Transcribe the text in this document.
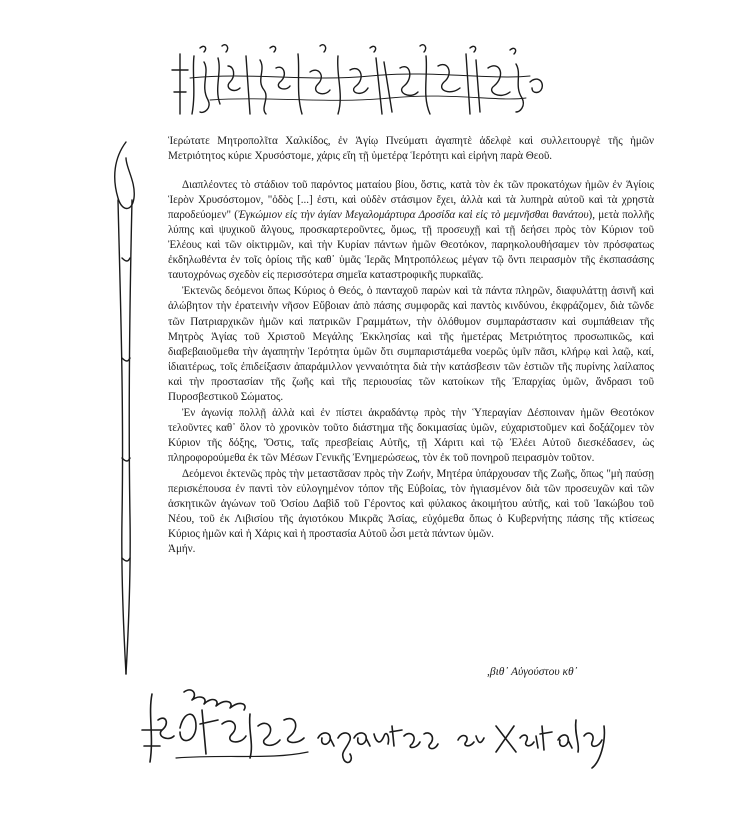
Ἱερώτατε Μητροπολῖτα Χαλκίδος, ἐν Ἁγίῳ Πνεύματι ἀγαπητὲ ἀδελφὲ καὶ συλλειτουργὲ τῆς ἡμῶν Μετριότητος κύριε Χρυσόστομε, χάρις εἴη τῇ ὑμετέρᾳ Ἱερότητι καὶ εἰρήνη παρὰ Θεοῦ.

Διαπλέοντες τὸ στάδιον τοῦ παρόντος ματαίου βίου, ὅστις, κατὰ τὸν ἐκ τῶν προκατόχων ἡμῶν ἐν Ἁγίοις Ἱερὸν Χρυσόστομον, "ὁδὸς [...] ἐστι, καὶ οὐδὲν στάσιμον ἔχει, ἀλλὰ καὶ τὰ λυπηρὰ αὐτοῦ καὶ τὰ χρηστὰ παροδεύομεν" (Ἐγκώμιον εἰς τὴν ἁγίαν Μεγαλομάρτυρα Δροσίδα καὶ εἰς τὸ μεμνῆσθαι θανάτου), μετὰ πολλῆς λύπης καὶ ψυχικοῦ ἄλγους, προσκαρτεροῦντες, ὅμως, τῇ προσευχῇ καὶ τῇ δεήσει πρὸς τὸν Κύριον τοῦ Ἐλέους καὶ τῶν οἰκτιρμῶν, καὶ τὴν Κυρίαν πάντων ἡμῶν Θεοτόκον, παρηκολουθήσαμεν τὸν πρόσφατως ἐκδηλωθέντα ἐν τοῖς ὁρίοις τῆς καθ᾽ ὑμᾶς Ἱερᾶς Μητροπόλεως μέγαν τῷ ὄντι πειρασμὸν τῆς ἐκσπασάσης ταυτοχρόνως σχεδὸν εἰς περισσότερα σημεῖα καταστροφικῆς πυρκαϊᾶς.

Ἐκτενῶς δεόμενοι ὅπως Κύριος ὁ Θεός, ὁ πανταχοῦ παρὼν καὶ τὰ πάντα πληρῶν, διαφυλάττῃ ἀσινῆ καὶ ἀλώβητον τὴν ἐρατεινὴν νῆσον Εὔβοιαν ἀπὸ πάσης συμφορᾶς καὶ παντὸς κινδύνου, ἐκφράζομεν, διὰ τῶνδε τῶν Πατριαρχικῶν ἡμῶν καὶ πατρικῶν Γραμμάτων, τὴν ὁλόθυμον συμπαράστασιν καὶ συμπάθειαν τῆς Μητρὸς Ἁγίας τοῦ Χριστοῦ Μεγάλης Ἐκκλησίας καὶ τῆς ἡμετέρας Μετριότητος προσωπικῶς, καὶ διαβεβαιοῦμεθα τὴν ἀγαπητὴν Ἱερότητα ὑμῶν ὅτι συμπαριστάμεθα νοερῶς ὑμῖν πᾶσι, κλήρῳ καὶ λαῷ, καί, ἰδιαιτέρως, τοῖς ἐπιδείξασιν ἀπαράμιλλον γενναιότητα διὰ τὴν κατάσβεσιν τῶν ἑστιῶν τῆς πυρίνης λαίλαπος καὶ τὴν προστασίαν τῆς ζωῆς καὶ τῆς περιουσίας τῶν κατοίκων τῆς Ἐπαρχίας ὑμῶν, ἄνδρασι τοῦ Πυροσβεστικοῦ Σώματος.

Ἐν ἀγωνίᾳ πολλῇ ἀλλὰ καὶ ἐν πίστει ἀκραδάντῳ πρὸς τὴν Ὑπεραγίαν Δέσποιναν ἡμῶν Θεοτόκον τελοῦντες καθ᾽ ὅλον τὸ χρονικὸν τοῦτο διάστημα τῆς δοκιμασίας ὑμῶν, εὐχαριστοῦμεν καὶ δοξάζομεν τὸν Κύριον τῆς δόξης, Ὅστις, ταῖς πρεσβείαις Αὐτῆς, τῇ Χάριτι καὶ τῷ Ἐλέει Αὐτοῦ διεσκέδασεν, ὡς πληροφορούμεθα ἐκ τῶν Μέσων Γενικῆς Ἐνημερώσεως, τὸν ἐκ τοῦ πονηροῦ πειρασμὸν τοῦτον.

Δεόμενοι ἐκτενῶς πρὸς τὴν μεταστᾶσαν πρὸς τὴν Ζωήν, Μητέρα ὑπάρχουσαν τῆς Ζωῆς, ὅπως "μὴ παύσῃ περισκέπουσα ἐν παντὶ τὸν εὐλογημένον τόπον τῆς Εὐβοίας, τὸν ἡγιασμένον διὰ τῶν προσευχῶν καὶ τῶν ἀσκητικῶν ἀγώνων τοῦ Ὁσίου Δαβὶδ τοῦ Γέροντος καὶ φύλακος ἀκοιμήτου αὐτῆς, καὶ τοῦ Ἰακώβου τοῦ Νέου, τοῦ ἐκ Λιβισίου τῆς ἁγιοτόκου Μικρᾶς Ἀσίας, εὐχόμεθα ὅπως ὁ Κυβερνήτης πάσης τῆς κτίσεως Κύριος ἡμῶν καὶ ἡ Χάρις καὶ ἡ προστασία Αὐτοῦ ὦσι μετὰ πάντων ὑμῶν.

Ἀμήν.

,βιθ᾽ Αὐγούστου κθ᾽
